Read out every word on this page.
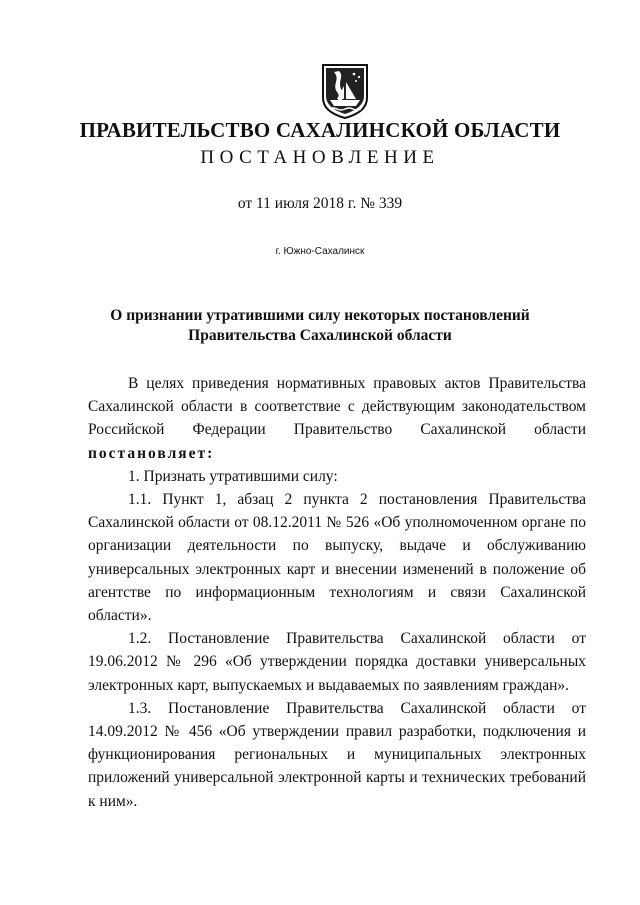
ПРАВИТЕЛЬСТВО САХАЛИНСКОЙ ОБЛАСТИ
ПОСТАНОВЛЕНИЕ
от 11 июля 2018 г. № 339
г. Южно-Сахалинск
О признании утратившими силу некоторых постановлений
Правительства Сахалинской области

В целях приведения нормативных правовых актов Правительства Сахалинской области в соответствие с действующим законодательством Российской Федерации Правительство Сахалинской области постановляет:

1. Признать утратившими силу:

1.1. Пункт 1, абзац 2 пункта 2 постановления Правительства Сахалинской области от 08.12.2011 № 526 «Об уполномоченном органе по организации деятельности по выпуску, выдаче и обслуживанию универсальных электронных карт и внесении изменений в положение об агентстве по информационным технологиям и связи Сахалинской области».

1.2. Постановление Правительства Сахалинской области от 19.06.2012 № 296 «Об утверждении порядка доставки универсальных электронных карт, выпускаемых и выдаваемых по заявлениям граждан».

1.3. Постановление Правительства Сахалинской области от 14.09.2012 № 456 «Об утверждении правил разработки, подключения и функционирования региональных и муниципальных электронных приложений универсальной электронной карты и технических требований к ним».
